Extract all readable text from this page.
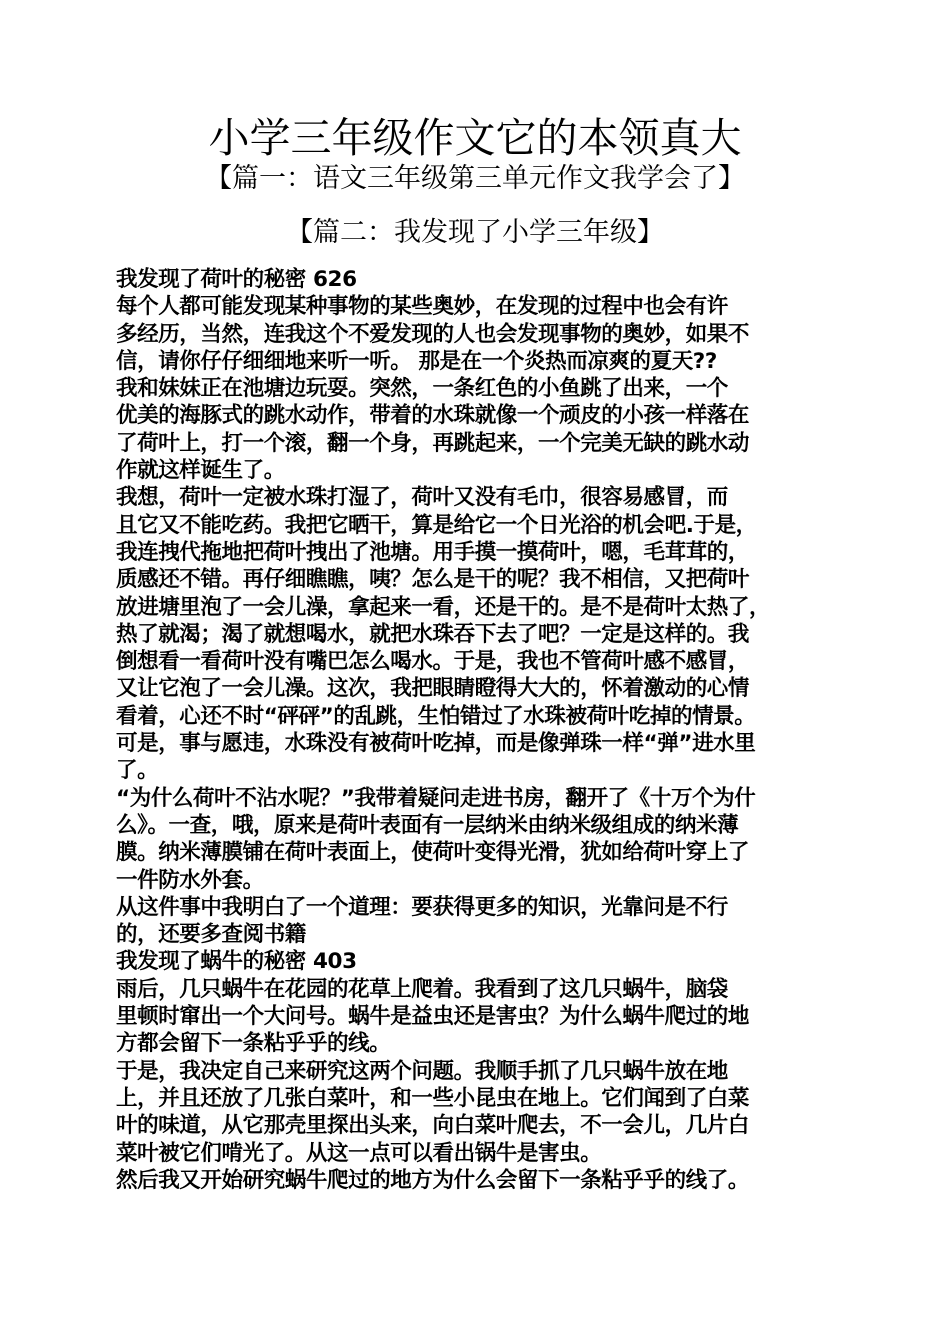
小学三年级作文它的本领真大

【篇一：语文三年级第三单元作文我学会了】

【篇二：我发现了小学三年级】

我发现了荷叶的秘密 626

每个人都可能发现某种事物的某些奥妙，在发现的过程中也会有许

多经历，当然，连我这个不爱发现的人也会发现事物的奥妙，如果不

信，请你仔仔细细地来听一听。 那是在一个炎热而凉爽的夏天??

我和妹妹正在池塘边玩耍。突然，一条红色的小鱼跳了出来，一个

优美的海豚式的跳水动作，带着的水珠就像一个顽皮的小孩一样落在

了荷叶上，打一个滚，翻一个身，再跳起来，一个完美无缺的跳水动

作就这样诞生了。

我想，荷叶一定被水珠打湿了，荷叶又没有毛巾，很容易感冒，而

且它又不能吃药。我把它晒干，算是给它一个日光浴的机会吧.于是，

我连拽代拖地把荷叶拽出了池塘。用手摸一摸荷叶，嗯，毛茸茸的，

质感还不错。再仔细瞧瞧，咦？怎么是干的呢？我不相信，又把荷叶

放进塘里泡了一会儿澡，拿起来一看，还是干的。是不是荷叶太热了，

热了就渴；渴了就想喝水，就把水珠吞下去了吧？一定是这样的。我

倒想看一看荷叶没有嘴巴怎么喝水。于是，我也不管荷叶感不感冒，

又让它泡了一会儿澡。这次，我把眼睛瞪得大大的，怀着激动的心情

看着，心还不时“砰砰”的乱跳，生怕错过了水珠被荷叶吃掉的情景。

可是，事与愿违，水珠没有被荷叶吃掉，而是像弹珠一样“弹”进水里

了。

“为什么荷叶不沾水呢？”我带着疑问走进书房，翻开了《十万个为什

么》。一查，哦，原来是荷叶表面有一层纳米由纳米级组成的纳米薄

膜。纳米薄膜铺在荷叶表面上，使荷叶变得光滑，犹如给荷叶穿上了

一件防水外套。

从这件事中我明白了一个道理：要获得更多的知识，光靠问是不行

的，还要多查阅书籍

我发现了蜗牛的秘密 403

雨后，几只蜗牛在花园的花草上爬着。我看到了这几只蜗牛，脑袋

里顿时窜出一个大问号。蜗牛是益虫还是害虫？为什么蜗牛爬过的地

方都会留下一条粘乎乎的线。

于是，我决定自己来研究这两个问题。我顺手抓了几只蜗牛放在地

上，并且还放了几张白菜叶，和一些小昆虫在地上。它们闻到了白菜

叶的味道，从它那壳里探出头来，向白菜叶爬去，不一会儿，几片白

菜叶被它们啃光了。从这一点可以看出锅牛是害虫。

然后我又开始研究蜗牛爬过的地方为什么会留下一条粘乎乎的线了。
